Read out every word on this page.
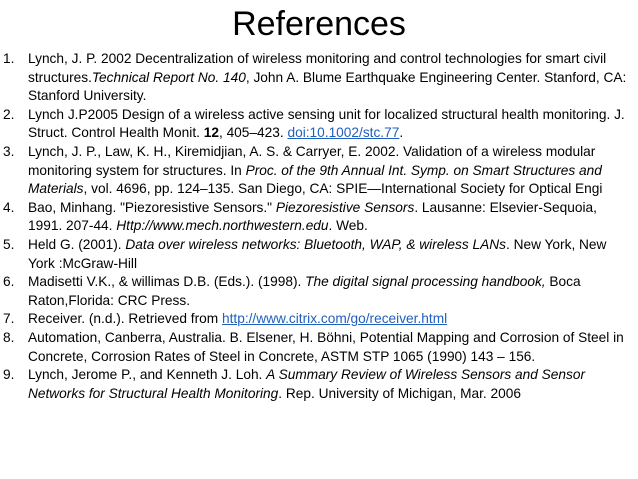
References
1. Lynch, J. P. 2002 Decentralization of wireless monitoring and control technologies for smart civil structures.Technical Report No. 140, John A. Blume Earthquake Engineering Center. Stanford, CA: Stanford University.
2. Lynch J.P2005 Design of a wireless active sensing unit for localized structural health monitoring. J. Struct. Control Health Monit. 12, 405–423. doi:10.1002/stc.77.
3. Lynch, J. P., Law, K. H., Kiremidjian, A. S. & Carryer, E. 2002. Validation of a wireless modular monitoring system for structures. In Proc. of the 9th Annual Int. Symp. on Smart Structures and Materials, vol. 4696, pp. 124–135. San Diego, CA: SPIE—International Society for Optical Engi
4. Bao, Minhang. "Piezoresistive Sensors." Piezoresistive Sensors. Lausanne: Elsevier-Sequoia, 1991. 207-44. Http://www.mech.northwestern.edu. Web.
5. Held G. (2001). Data over wireless networks: Bluetooth, WAP, & wireless LANs. New York, New York :McGraw-Hill
6. Madisetti V.K., & willimas D.B. (Eds.). (1998). The digital signal processing handbook, Boca Raton,Florida: CRC Press.
7. Receiver. (n.d.). Retrieved from http://www.citrix.com/go/receiver.html
8. Automation, Canberra, Australia. B. Elsener, H. Böhni, Potential Mapping and Corrosion of Steel in Concrete, Corrosion Rates of Steel in Concrete, ASTM STP 1065 (1990) 143 – 156.
9. Lynch, Jerome P., and Kenneth J. Loh. A Summary Review of Wireless Sensors and Sensor Networks for Structural Health Monitoring. Rep. University of Michigan, Mar. 2006
